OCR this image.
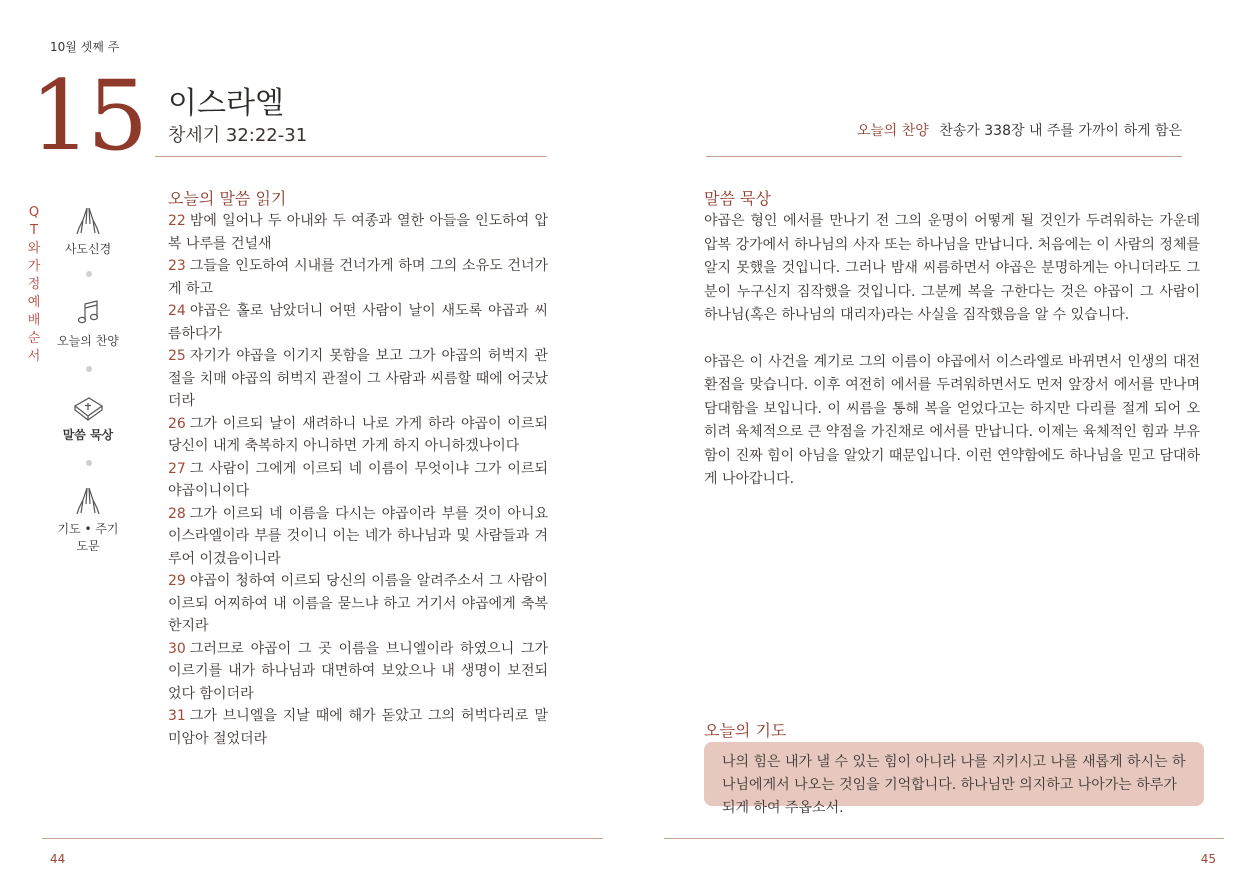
10월 셋째 주
15 이스라엘
창세기 32:22-31	오늘의 찬양 찬송가 338장 내 주를 가까이 하게 함은
QT와 가정예배 순서
사도신경
오늘의 찬양
말씀 묵상
기도 • 주기도문
오늘의 말씀 읽기

22 밤에 일어나 두 아내와 두 여종과 열한 아들을 인도하여 압복 나루를 건널새

23 그들을 인도하여 시내를 건너가게 하며 그의 소유도 건너가게 하고

24 야곱은 홀로 남았더니 어떤 사람이 날이 새도록 야곱과 씨름하다가

25 자기가 야곱을 이기지 못함을 보고 그가 야곱의 허벅지 관절을 치매 야곱의 허벅지 관절이 그 사람과 씨름할 때에 어긋났더라

26 그가 이르되 날이 새려하니 나로 가게 하라 야곱이 이르되 당신이 내게 축복하지 아니하면 가게 하지 아니하겠나이다

27 그 사람이 그에게 이르되 네 이름이 무엇이냐 그가 이르되 야곱이니이다

28 그가 이르되 네 이름을 다시는 야곱이라 부를 것이 아니요 이스라엘이라 부를 것이니 이는 네가 하나님과 및 사람들과 겨루어 이겼음이니라

29 야곱이 청하여 이르되 당신의 이름을 알려주소서 그 사람이 이르되 어찌하여 내 이름을 묻느냐 하고 거기서 야곱에게 축복한지라

30 그러므로 야곱이 그 곳 이름을 브니엘이라 하였으니 그가 이르기를 내가 하나님과 대면하여 보았으나 내 생명이 보전되었다 함이더라

31 그가 브니엘을 지날 때에 해가 돋았고 그의 허벅다리로 말미암아 절었더라

말씀 묵상

야곱은 형인 에서를 만나기 전 그의 운명이 어떻게 될 것인가 두려워하는 가운데 압복 강가에서 하나님의 사자 또는 하나님을 만납니다. 처음에는 이 사람의 정체를 알지 못했을 것입니다. 그러나 밤새 씨름하면서 야곱은 분명하게는 아니더라도 그분이 누구신지 짐작했을 것입니다. 그분께 복을 구한다는 것은 야곱이 그 사람이 하나님(혹은 하나님의 대리자)라는 사실을 짐작했음을 알 수 있습니다.

야곱은 이 사건을 계기로 그의 이름이 야곱에서 이스라엘로 바뀌면서 인생의 대전환점을 맞습니다. 이후 여전히 에서를 두려워하면서도 먼저 앞장서 에서를 만나며 담대함을 보입니다. 이 씨름을 통해 복을 얻었다고는 하지만 다리를 절게 되어 오히려 육체적으로 큰 약점을 가진채로 에서를 만납니다. 이제는 육체적인 힘과 부유함이 진짜 힘이 아님을 알았기 때문입니다. 이런 연약함에도 하나님을 믿고 담대하게 나아갑니다.

오늘의 기도
나의 힘은 내가 낼 수 있는 힘이 아니라 나를 지키시고 나를 새롭게 하시는 하나님에게서 나오는 것임을 기억합니다. 하나님만 의지하고 나아가는 하루가 되게 하여 주옵소서.
44	45
